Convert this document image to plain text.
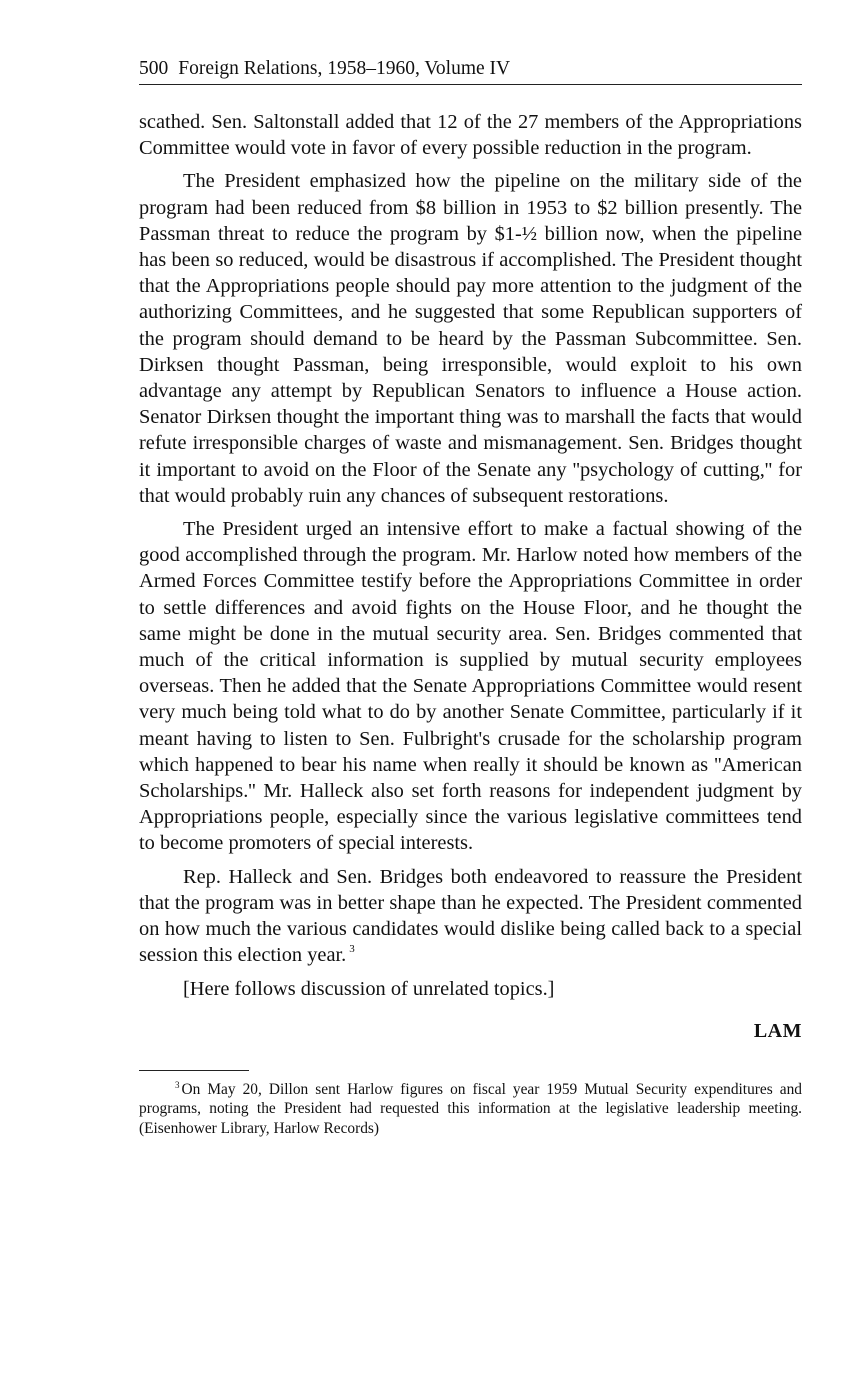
500 Foreign Relations, 1958–1960, Volume IV

scathed. Sen. Saltonstall added that 12 of the 27 members of the Appropriations Committee would vote in favor of every possible reduction in the program.

The President emphasized how the pipeline on the military side of the program had been reduced from $8 billion in 1953 to $2 billion presently. The Passman threat to reduce the program by $1-½ billion now, when the pipeline has been so reduced, would be disastrous if accomplished. The President thought that the Appropriations people should pay more attention to the judgment of the authorizing Committees, and he suggested that some Republican supporters of the program should demand to be heard by the Passman Subcommittee. Sen. Dirksen thought Passman, being irresponsible, would exploit to his own advantage any attempt by Republican Senators to influence a House action. Senator Dirksen thought the important thing was to marshall the facts that would refute irresponsible charges of waste and mismanagement. Sen. Bridges thought it important to avoid on the Floor of the Senate any ''psychology of cutting,'' for that would probably ruin any chances of subsequent restorations.

The President urged an intensive effort to make a factual showing of the good accomplished through the program. Mr. Harlow noted how members of the Armed Forces Committee testify before the Appropriations Committee in order to settle differences and avoid fights on the House Floor, and he thought the same might be done in the mutual security area. Sen. Bridges commented that much of the critical information is supplied by mutual security employees overseas. Then he added that the Senate Appropriations Committee would resent very much being told what to do by another Senate Committee, particularly if it meant having to listen to Sen. Fulbright's crusade for the scholarship program which happened to bear his name when really it should be known as ''American Scholarships.'' Mr. Halleck also set forth reasons for independent judgment by Appropriations people, especially since the various legislative committees tend to become promoters of special interests.

Rep. Halleck and Sen. Bridges both endeavored to reassure the President that the program was in better shape than he expected. The President commented on how much the various candidates would dislike being called back to a special session this election year. $^3$

[Here follows discussion of unrelated topics.]

LAM
$^3$ On May 20, Dillon sent Harlow figures on fiscal year 1959 Mutual Security expenditures and programs, noting the President had requested this information at the legislative leadership meeting. (Eisenhower Library, Harlow Records)
